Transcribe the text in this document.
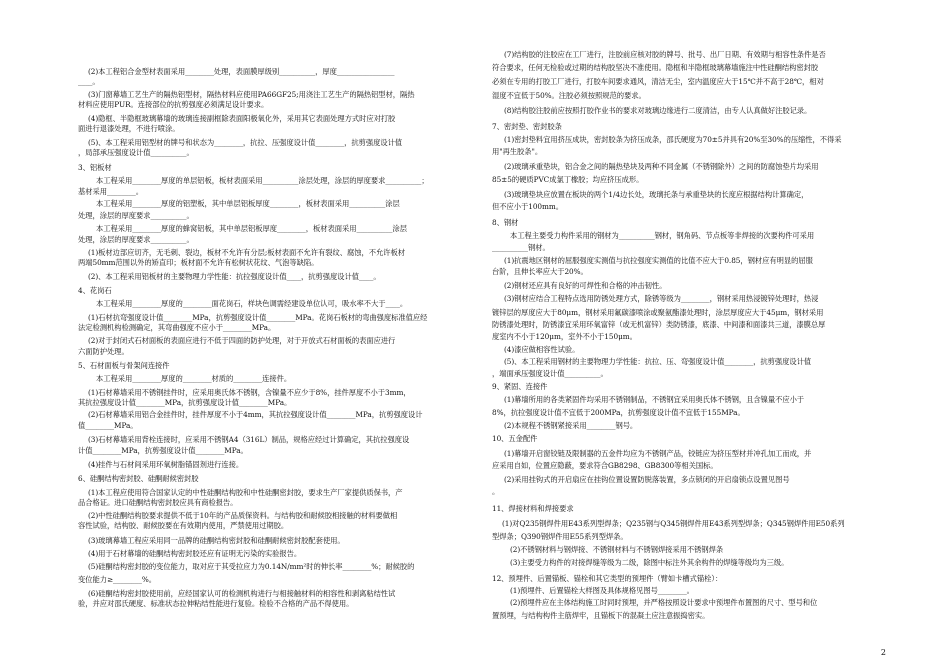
(2)本工程铝合金型材表面采用________处理，表面膜厚级别__________，厚度________________
____。
(3)门窗幕墙工艺生产的隔热铝型材，隔热材料应使用PA66GF25;用浇注工艺生产的隔热铝型材，隔热
材料应使用PUR。连接部位的抗剪强度必须满足设计要求。
(4)隐框、半隐框玻璃幕墙的玻璃连接副框除表面阳极氧化外，采用其它表面处理方式时应对打胶
面进行退漆处理，不进行喷涂。
(5)、本工程采用铝型材的牌号和状态为________，抗拉、压强度设计值________，抗剪强度设计值
，局部承压强度设计值__________。
3、铝板材
本工程采用________厚度的单层铝板，板材表面采用__________涂层处理，涂层的厚度要求__________；
基材采用________。
本工程采用________厚度的铝塑板，其中单层铝板厚度________，板材表面采用__________涂层
处理，涂层的厚度要求__________。
本工程采用________厚度的蜂窝铝板，其中单层铝板厚度________，板材表面采用__________涂层
处理，涂层的厚度要求__________。
(1)板材边部应切齐，无毛刺、裂边，板材不允许有分层;板材表面不允许有裂纹、腐蚀，不允许板材
两端50mm范围以外的矫直印；板材面不允许有松树状花纹、气泡等缺陷。
(2)、本工程采用铝板材的主要物理力学性能：抗拉强度设计值____，抗剪强度设计值____。
4、花岗石
本工程采用________厚度的________面花岗石，样块色调需经建设单位认可，吸水率不大于____。
(1)石材抗弯强度设计值________MPa，抗剪强度设计值________MPa。花岗石板材的弯曲强度标准值应经
法定检测机构检测确定，其弯曲强度不应小于________MPa。
(2)对于封闭式石材面板的表面应进行不低于四面的防护处理，对于开放式石材面板的表面应进行
六面防护处理。
5、石材面板与骨架间连接件
本工程采用________厚度的________材质的________连接件。
(1)石材幕墙采用不锈钢挂件时，应采用奥氏体不锈钢，含镍量不应少于8%，挂件厚度不小于3mm，
其抗拉强度设计值________MPa，抗剪强度设计值________MPa。
(2)石材幕墙采用铝合金挂件时，挂件厚度不小于4mm，其抗拉强度设计值________MPa，抗剪强度设计
值________MPa。
(3)石材幕墙采用背栓连接时，应采用不锈钢A4（316L）制品，规格应经过计算确定，其抗拉强度设
计值________MPa，抗剪强度设计值________MPa。
(4)挂件与石材间采用环氧树脂锚固剂进行连接。
6、硅酮结构密封胶、硅酮耐候密封胶
(1)本工程应使用符合国家认定的中性硅酮结构胶和中性硅酮密封胶，要求生产厂家提供质保书，产
品合格证。进口硅酮结构密封胶应具有商检报告。
(2)中性硅酮结构胶要求提供不低于10年的产品质保资料。与结构胶和耐候胶相接触的材料要做相
容性试验，结构胶、耐候胶要在有效期内使用，严禁使用过期胶。
(3)玻璃幕墙工程应采用同一品牌的硅酮结构密封胶和硅酮耐候密封胶配套使用。
(4)用于石材幕墙的硅酮结构密封胶还应有证明无污染的实验报告。
(5)硅酮结构密封胶的变位能力，取对应于其受拉应力为0.14N/mm²时的伸长率________%；耐候胶的
变位能力≥________%。
(6)硅酮结构密封胶使用前，应经国家认可的检测机构进行与相接触材料的相容性和剥离粘结性试
验，并应对邵氏硬度、标准状态拉伸粘结性能进行复验。检验不合格的产品不得使用。
(7)结构胶的注胶应在工厂进行，注胶前应核对胶的牌号、批号、出厂日期、有效期与相容性条件是否
符合要求，任何无检验或过期的结构胶坚决不准使用。隐框和半隐框玻璃幕墙施注中性硅酮结构密封胶
必须在专用的打胶工厂进行，打胶车间要求通风，清洁无尘，室内温度应大于15℃并不高于28℃，相对
湿度不宜低于50%。注胶必须按照规范的要求。
(8)结构胶注胶前应按照打胶作业书的要求对玻璃边缘进行二度清洁，由专人认真做好注胶记录。
7、密封垫、密封胶条
(1)密封垫料宜用挤压成块，密封胶条为挤压成条，邵氏硬度为70±5并具有20%至30%的压缩性，不得采
用"再生胶条"。
(2)玻璃承重垫块，铝合金之间的隔热垫块及两种不同金属（不锈钢除外）之间的防腐蚀垫片均采用
85±5的硬质PVC成氯丁橡胶；均应挤压成形。
(3)玻璃垫块应放置在板块的两个1/4边长处，玻璃托条与承重垫块的长度应根据结构计算确定，
但不应小于100mm。
8、钢材
本工程主要受力构件采用的钢材为__________钢材，钢角码、节点板等非焊接的次要构件可采用
__________钢材。
(1)抗震地区钢材的屈服强度实测值与抗拉强度实测值的比值不应大于0.85，钢材应有明显的屈服
台阶，且伸长率应大于20%。
(2)钢材还应具有良好的可焊性和合格的冲击韧性。
(3)钢材应结合工程特点选用防锈处理方式，除锈等级为________，钢材采用热浸镀锌处理时，热浸
镀锌层的厚度应大于80μm，钢材采用氟碳漆喷涂或聚氨酯漆处理时，涂层厚度应大于45μm，钢材采用
防锈漆处理时，防锈漆宜采用环氧富锌（或无机富锌）类防锈漆，底漆、中间漆和面漆共三道，漆膜总厚
度室内不小于120μm，室外不小于150μm。
(4)漆应做相容性试验。
(5)、本工程采用钢材的主要物理力学性能：抗拉、压、弯强度设计值________，抗剪强度设计值
，端面承压强度设计值__________。
9、紧固、连接件
(1)幕墙所用的各类紧固件均采用不锈钢制品，不锈钢宜采用奥氏体不锈钢，且含镍量不应小于
8%，抗拉强度设计值不宜低于200MPa，抗剪强度设计值不宜低于155MPa。
(2)本规程不锈钢紧接采用________钢号。
10、五金配件
(1)幕墙开启窗铰链及限制器的五金件均应为不锈钢产品，铰链应为挤压型材并冲孔加工而成，并
应采用自如，位置应隐蔽，要求符合GB8298、GB8300等相关国标。
(2)采用挂钩式的开启扇应在挂钩位置设置防脱落装置，多点锁闭的开启扇锁点设置见图号
。
11、焊接材料和焊接要求
(1)对Q235钢焊件用E43系列型焊条；Q235钢与Q345钢焊件用E43系列型焊条；Q345钢焊件用E50系列
型焊条；Q390钢焊件用E55系列型焊条。
(2)不锈钢材料与钢焊接、不锈钢材料与不锈钢焊接采用不锈钢焊条
(3)主要受力构件的对接焊缝等级为二级，除图中标注外其余构件的焊缝等级均为三级。
12、预埋件、后置锚板、锚栓和其它类型的预埋件（臂如卡槽式锚栓）：
(1)预埋件、后置锚栓大样图及具体规格见图号________。
(2)预埋件应在主体结构施工时同时预埋，并严格按照设计要求中预埋件布置图的尺寸、型号和位
置预埋，与结构构件主筋焊牢，且锚板下的混凝土应注意振捣密实。
2
